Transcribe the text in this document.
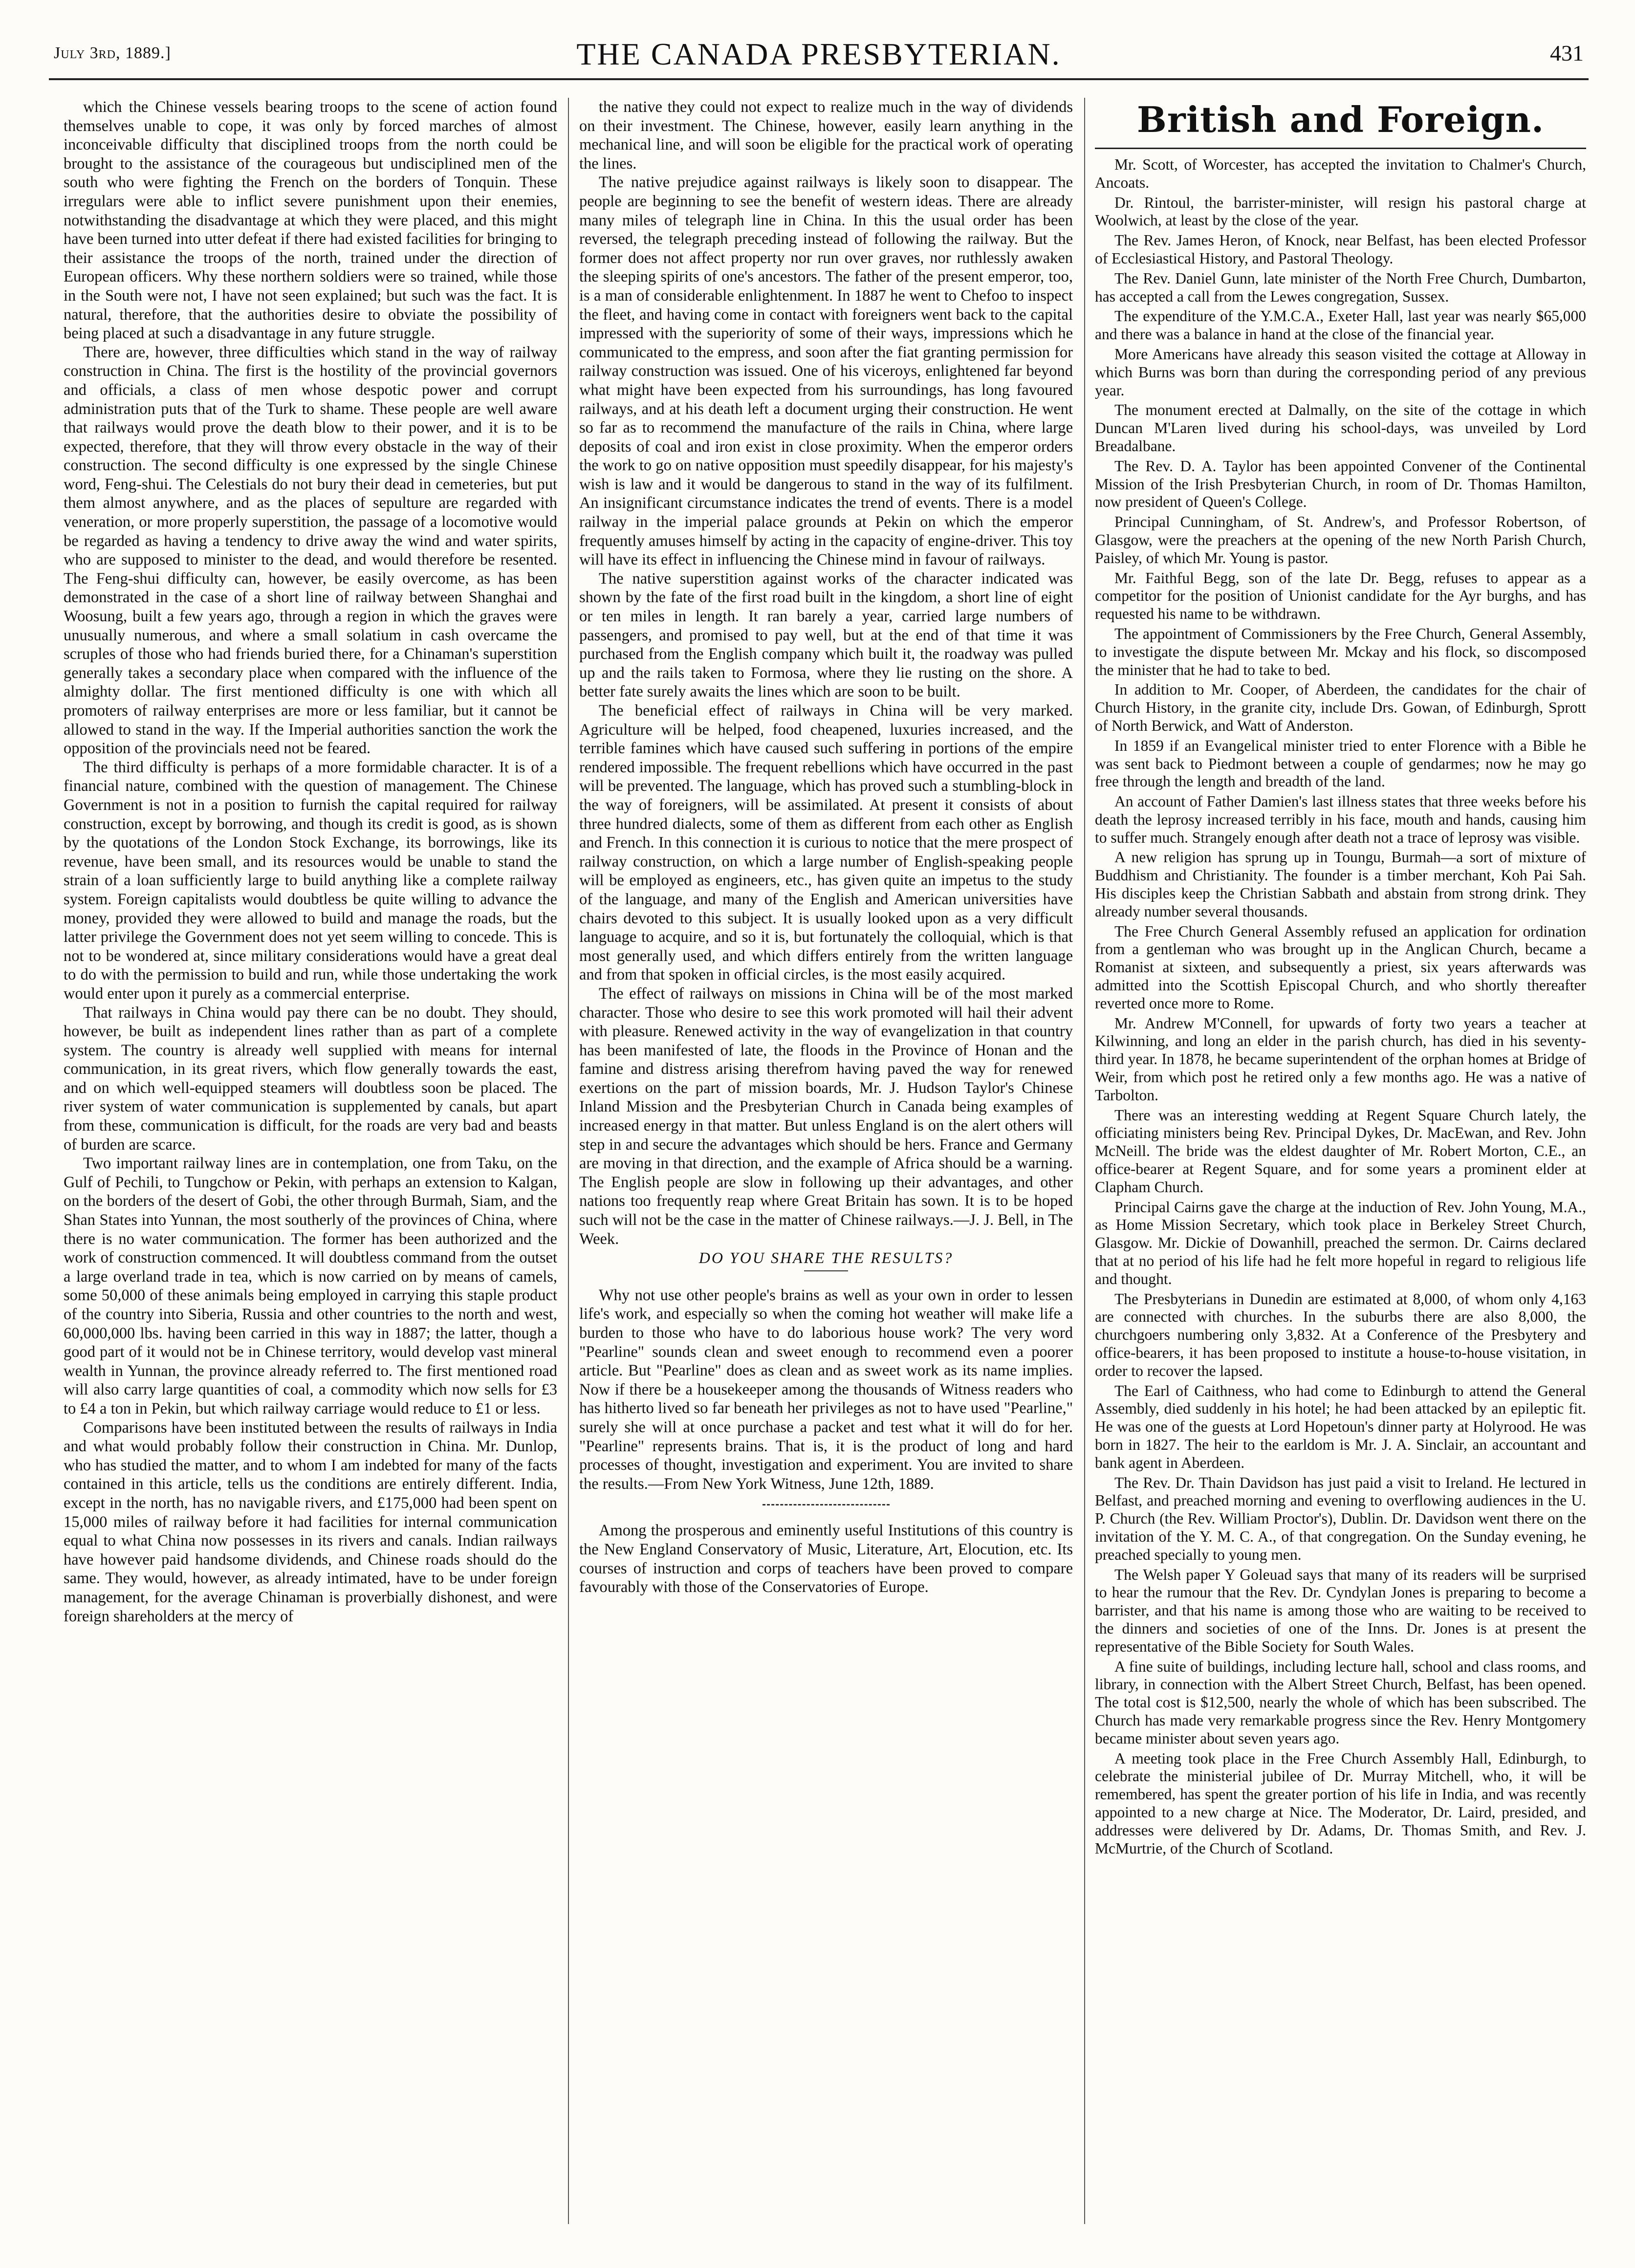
July 3rd, 1889.]	THE CANADA PRESBYTERIAN.	431

which the Chinese vessels bearing troops to the scene of action found themselves unable to cope, it was only by forced marches of almost inconceivable difficulty that disciplined troops from the north could be brought to the assistance of the courageous but undisciplined men of the south who were fighting the French on the borders of Tonquin. These irregulars were able to inflict severe punishment upon their enemies, notwithstanding the disadvantage at which they were placed, and this might have been turned into utter defeat if there had existed facilities for bringing to their assistance the troops of the north, trained under the direction of European officers. Why these northern soldiers were so trained, while those in the South were not, I have not seen explained; but such was the fact. It is natural, therefore, that the authorities desire to obviate the possibility of being placed at such a disadvantage in any future struggle.

There are, however, three difficulties which stand in the way of railway construction in China. The first is the hostility of the provincial governors and officials, a class of men whose despotic power and corrupt administration puts that of the Turk to shame. These people are well aware that railways would prove the death blow to their power, and it is to be expected, therefore, that they will throw every obstacle in the way of their construction. The second difficulty is one expressed by the single Chinese word, Feng-shui. The Celestials do not bury their dead in cemeteries, but put them almost anywhere, and as the places of sepulture are regarded with veneration, or more properly superstition, the passage of a locomotive would be regarded as having a tendency to drive away the wind and water spirits, who are supposed to minister to the dead, and would therefore be resented. The Feng-shui difficulty can, however, be easily overcome, as has been demonstrated in the case of a short line of railway between Shanghai and Woosung, built a few years ago, through a region in which the graves were unusually numerous, and where a small solatium in cash overcame the scruples of those who had friends buried there, for a Chinaman's superstition generally takes a secondary place when compared with the influence of the almighty dollar. The first mentioned difficulty is one with which all promoters of railway enterprises are more or less familiar, but it cannot be allowed to stand in the way. If the Imperial authorities sanction the work the opposition of the provincials need not be feared.

The third difficulty is perhaps of a more formidable character. It is of a financial nature, combined with the question of management. The Chinese Government is not in a position to furnish the capital required for railway construction, except by borrowing, and though its credit is good, as is shown by the quotations of the London Stock Exchange, its borrowings, like its revenue, have been small, and its resources would be unable to stand the strain of a loan sufficiently large to build anything like a complete railway system. Foreign capitalists would doubtless be quite willing to advance the money, provided they were allowed to build and manage the roads, but the latter privilege the Government does not yet seem willing to concede. This is not to be wondered at, since military considerations would have a great deal to do with the permission to build and run, while those undertaking the work would enter upon it purely as a commercial enterprise.

That railways in China would pay there can be no doubt. They should, however, be built as independent lines rather than as part of a complete system. The country is already well supplied with means for internal communication, in its great rivers, which flow generally towards the east, and on which well-equipped steamers will doubtless soon be placed. The river system of water communication is supplemented by canals, but apart from these, communication is difficult, for the roads are very bad and beasts of burden are scarce.

Two important railway lines are in contemplation, one from Taku, on the Gulf of Pechili, to Tungchow or Pekin, with perhaps an extension to Kalgan, on the borders of the desert of Gobi, the other through Burmah, Siam, and the Shan States into Yunnan, the most southerly of the provinces of China, where there is no water communication. The former has been authorized and the work of construction commenced. It will doubtless command from the outset a large overland trade in tea, which is now carried on by means of camels, some 50,000 of these animals being employed in carrying this staple product of the country into Siberia, Russia and other countries to the north and west, 60,000,000 lbs. having been carried in this way in 1887; the latter, though a good part of it would not be in Chinese territory, would develop vast mineral wealth in Yunnan, the province already referred to. The first mentioned road will also carry large quantities of coal, a commodity which now sells for £3 to £4 a ton in Pekin, but which railway carriage would reduce to £1 or less.

Comparisons have been instituted between the results of railways in India and what would probably follow their construction in China. Mr. Dunlop, who has studied the matter, and to whom I am indebted for many of the facts contained in this article, tells us the conditions are entirely different. India, except in the north, has no navigable rivers, and £175,000 had been spent on 15,000 miles of railway before it had facilities for internal communication equal to what China now possesses in its rivers and canals. Indian railways have however paid handsome dividends, and Chinese roads should do the same. They would, however, as already intimated, have to be under foreign management, for the average Chinaman is proverbially dishonest, and were foreign shareholders at the mercy of

the native they could not expect to realize much in the way of dividends on their investment. The Chinese, however, easily learn anything in the mechanical line, and will soon be eligible for the practical work of operating the lines.

The native prejudice against railways is likely soon to disappear. The people are beginning to see the benefit of western ideas. There are already many miles of telegraph line in China. In this the usual order has been reversed, the telegraph preceding instead of following the railway. But the former does not affect property nor run over graves, nor ruthlessly awaken the sleeping spirits of one's ancestors. The father of the present emperor, too, is a man of considerable enlightenment. In 1887 he went to Chefoo to inspect the fleet, and having come in contact with foreigners went back to the capital impressed with the superiority of some of their ways, impressions which he communicated to the empress, and soon after the fiat granting permission for railway construction was issued. One of his viceroys, enlightened far beyond what might have been expected from his surroundings, has long favoured railways, and at his death left a document urging their construction. He went so far as to recommend the manufacture of the rails in China, where large deposits of coal and iron exist in close proximity. When the emperor orders the work to go on native opposition must speedily disappear, for his majesty's wish is law and it would be dangerous to stand in the way of its fulfilment. An insignificant circumstance indicates the trend of events. There is a model railway in the imperial palace grounds at Pekin on which the emperor frequently amuses himself by acting in the capacity of engine-driver. This toy will have its effect in influencing the Chinese mind in favour of railways.

The native superstition against works of the character indicated was shown by the fate of the first road built in the kingdom, a short line of eight or ten miles in length. It ran barely a year, carried large numbers of passengers, and promised to pay well, but at the end of that time it was purchased from the English company which built it, the roadway was pulled up and the rails taken to Formosa, where they lie rusting on the shore. A better fate surely awaits the lines which are soon to be built.

The beneficial effect of railways in China will be very marked. Agriculture will be helped, food cheapened, luxuries increased, and the terrible famines which have caused such suffering in portions of the empire rendered impossible. The frequent rebellions which have occurred in the past will be prevented. The language, which has proved such a stumbling-block in the way of foreigners, will be assimilated. At present it consists of about three hundred dialects, some of them as different from each other as English and French. In this connection it is curious to notice that the mere prospect of railway construction, on which a large number of English-speaking people will be employed as engineers, etc., has given quite an impetus to the study of the language, and many of the English and American universities have chairs devoted to this subject. It is usually looked upon as a very difficult language to acquire, and so it is, but fortunately the colloquial, which is that most generally used, and which differs entirely from the written language and from that spoken in official circles, is the most easily acquired.

The effect of railways on missions in China will be of the most marked character. Those who desire to see this work promoted will hail their advent with pleasure. Renewed activity in the way of evangelization in that country has been manifested of late, the floods in the Province of Honan and the famine and distress arising therefrom having paved the way for renewed exertions on the part of mission boards, Mr. J. Hudson Taylor's Chinese Inland Mission and the Presbyterian Church in Canada being examples of increased energy in that matter. But unless England is on the alert others will step in and secure the advantages which should be hers. France and Germany are moving in that direction, and the example of Africa should be a warning. The English people are slow in following up their advantages, and other nations too frequently reap where Great Britain has sown. It is to be hoped such will not be the case in the matter of Chinese railways.—J. J. Bell, in The Week.

DO YOU SHARE THE RESULTS?

Why not use other people's brains as well as your own in order to lessen life's work, and especially so when the coming hot weather will make life a burden to those who have to do laborious house work? The very word "Pearline" sounds clean and sweet enough to recommend even a poorer article. But "Pearline" does as clean and as sweet work as its name implies. Now if there be a housekeeper among the thousands of Witness readers who has hitherto lived so far beneath her privileges as not to have used "Pearline," surely she will at once purchase a packet and test what it will do for her. "Pearline" represents brains. That is, it is the product of long and hard processes of thought, investigation and experiment. You are invited to share the results.—From New York Witness, June 12th, 1889.

Among the prosperous and eminently useful Institutions of this country is the New England Conservatory of Music, Literature, Art, Elocution, etc. Its courses of instruction and corps of teachers have been proved to compare favourably with those of the Conservatories of Europe.

British and Foreign.

Mr. Scott, of Worcester, has accepted the invitation to Chalmer's Church, Ancoats.

Dr. Rintoul, the barrister-minister, will resign his pastoral charge at Woolwich, at least by the close of the year.

The Rev. James Heron, of Knock, near Belfast, has been elected Professor of Ecclesiastical History, and Pastoral Theology.

The Rev. Daniel Gunn, late minister of the North Free Church, Dumbarton, has accepted a call from the Lewes congregation, Sussex.

The expenditure of the Y.M.C.A., Exeter Hall, last year was nearly $65,000 and there was a balance in hand at the close of the financial year.

More Americans have already this season visited the cottage at Alloway in which Burns was born than during the corresponding period of any previous year.

The monument erected at Dalmally, on the site of the cottage in which Duncan M'Laren lived during his school-days, was unveiled by Lord Breadalbane.

The Rev. D. A. Taylor has been appointed Convener of the Continental Mission of the Irish Presbyterian Church, in room of Dr. Thomas Hamilton, now president of Queen's College.

Principal Cunningham, of St. Andrew's, and Professor Robertson, of Glasgow, were the preachers at the opening of the new North Parish Church, Paisley, of which Mr. Young is pastor.

Mr. Faithful Begg, son of the late Dr. Begg, refuses to appear as a competitor for the position of Unionist candidate for the Ayr burghs, and has requested his name to be withdrawn.

The appointment of Commissioners by the Free Church, General Assembly, to investigate the dispute between Mr. Mckay and his flock, so discomposed the minister that he had to take to bed.

In addition to Mr. Cooper, of Aberdeen, the candidates for the chair of Church History, in the granite city, include Drs. Gowan, of Edinburgh, Sprott of North Berwick, and Watt of Anderston.

In 1859 if an Evangelical minister tried to enter Florence with a Bible he was sent back to Piedmont between a couple of gendarmes; now he may go free through the length and breadth of the land.

An account of Father Damien's last illness states that three weeks before his death the leprosy increased terribly in his face, mouth and hands, causing him to suffer much. Strangely enough after death not a trace of leprosy was visible.

A new religion has sprung up in Toungu, Burmah—a sort of mixture of Buddhism and Christianity. The founder is a timber merchant, Koh Pai Sah. His disciples keep the Christian Sabbath and abstain from strong drink. They already number several thousands.

The Free Church General Assembly refused an application for ordination from a gentleman who was brought up in the Anglican Church, became a Romanist at sixteen, and subsequently a priest, six years afterwards was admitted into the Scottish Episcopal Church, and who shortly thereafter reverted once more to Rome.

Mr. Andrew M'Connell, for upwards of forty two years a teacher at Kilwinning, and long an elder in the parish church, has died in his seventy-third year. In 1878, he became superintendent of the orphan homes at Bridge of Weir, from which post he retired only a few months ago. He was a native of Tarbolton.

There was an interesting wedding at Regent Square Church lately, the officiating ministers being Rev. Principal Dykes, Dr. MacEwan, and Rev. John McNeill. The bride was the eldest daughter of Mr. Robert Morton, C.E., an office-bearer at Regent Square, and for some years a prominent elder at Clapham Church.

Principal Cairns gave the charge at the induction of Rev. John Young, M.A., as Home Mission Secretary, which took place in Berkeley Street Church, Glasgow. Mr. Dickie of Dowanhill, preached the sermon. Dr. Cairns declared that at no period of his life had he felt more hopeful in regard to religious life and thought.

The Presbyterians in Dunedin are estimated at 8,000, of whom only 4,163 are connected with churches. In the suburbs there are also 8,000, the churchgoers numbering only 3,832. At a Conference of the Presbytery and office-bearers, it has been proposed to institute a house-to-house visitation, in order to recover the lapsed.

The Earl of Caithness, who had come to Edinburgh to attend the General Assembly, died suddenly in his hotel; he had been attacked by an epileptic fit. He was one of the guests at Lord Hopetoun's dinner party at Holyrood. He was born in 1827. The heir to the earldom is Mr. J. A. Sinclair, an accountant and bank agent in Aberdeen.

The Rev. Dr. Thain Davidson has just paid a visit to Ireland. He lectured in Belfast, and preached morning and evening to overflowing audiences in the U. P. Church (the Rev. William Proctor's), Dublin. Dr. Davidson went there on the invitation of the Y. M. C. A., of that congregation. On the Sunday evening, he preached specially to young men.

The Welsh paper Y Goleuad says that many of its readers will be surprised to hear the rumour that the Rev. Dr. Cyndylan Jones is preparing to become a barrister, and that his name is among those who are waiting to be received to the dinners and societies of one of the Inns. Dr. Jones is at present the representative of the Bible Society for South Wales.

A fine suite of buildings, including lecture hall, school and class rooms, and library, in connection with the Albert Street Church, Belfast, has been opened. The total cost is $12,500, nearly the whole of which has been subscribed. The Church has made very remarkable progress since the Rev. Henry Montgomery became minister about seven years ago.

A meeting took place in the Free Church Assembly Hall, Edinburgh, to celebrate the ministerial jubilee of Dr. Murray Mitchell, who, it will be remembered, has spent the greater portion of his life in India, and was recently appointed to a new charge at Nice. The Moderator, Dr. Laird, presided, and addresses were delivered by Dr. Adams, Dr. Thomas Smith, and Rev. J. McMurtrie, of the Church of Scotland.
